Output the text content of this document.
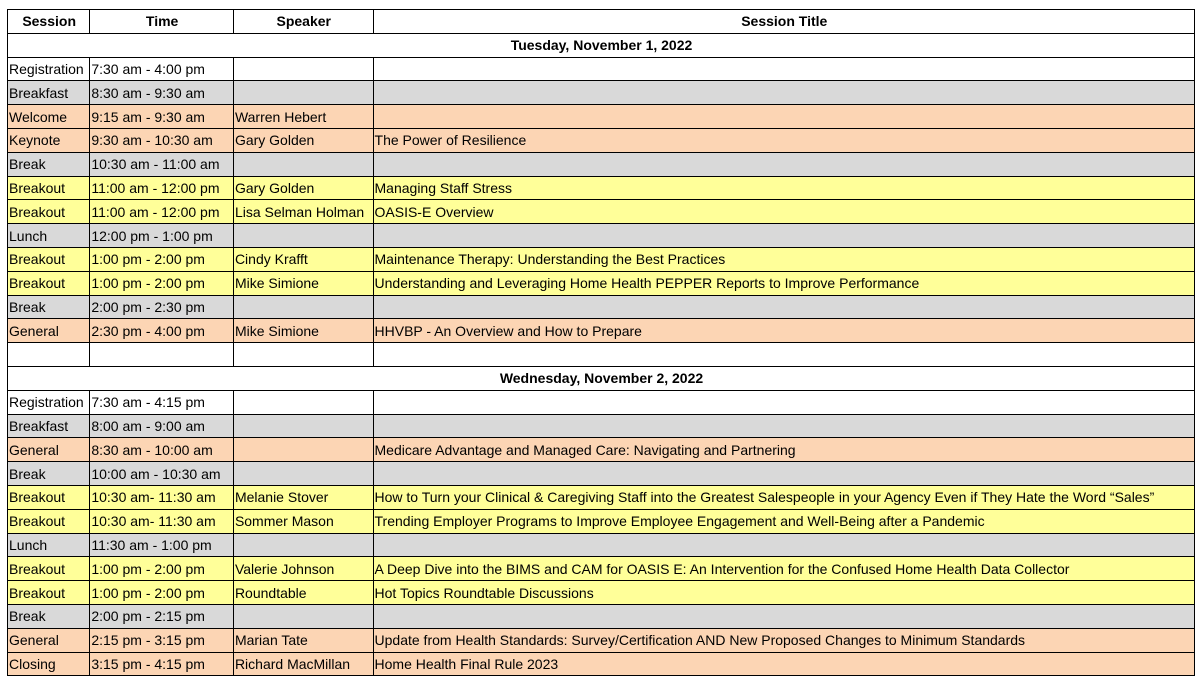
Session	Time	Speaker	Session Title
Tuesday, November 1, 2022			
Registration	7:30 am - 4:00 pm		
Breakfast	8:30 am - 9:30 am		
Welcome	9:15 am - 9:30 am	Warren Hebert	
Keynote	9:30 am - 10:30 am	Gary Golden	The Power of Resilience
Break	10:30 am - 11:00 am		
Breakout	11:00 am - 12:00 pm	Gary Golden	Managing Staff Stress
Breakout	11:00 am - 12:00 pm	Lisa Selman Holman	OASIS-E Overview
Lunch	12:00 pm - 1:00 pm		
Breakout	1:00 pm - 2:00 pm	Cindy Krafft	Maintenance Therapy: Understanding the Best Practices
Breakout	1:00 pm - 2:00 pm	Mike Simione	Understanding and Leveraging Home Health PEPPER Reports to Improve Performance
Break	2:00 pm - 2:30 pm		
General	2:30 pm - 4:00 pm	Mike Simione	HHVBP - An Overview and How to Prepare

Wednesday, November 2, 2022			
Registration	7:30 am - 4:15 pm		
Breakfast	8:00 am - 9:00 am		
General	8:30 am - 10:00 am		Medicare Advantage and Managed Care: Navigating and Partnering
Break	10:00 am - 10:30 am		
Breakout	10:30 am- 11:30 am	Melanie Stover	How to Turn your Clinical & Caregiving Staff into the Greatest Salespeople in your Agency Even if They Hate the Word “Sales”
Breakout	10:30 am- 11:30 am	Sommer Mason	Trending Employer Programs to Improve Employee Engagement and Well-Being after a Pandemic
Lunch	11:30 am - 1:00 pm		
Breakout	1:00 pm - 2:00 pm	Valerie Johnson	A Deep Dive into the BIMS and CAM for OASIS E: An Intervention for the Confused Home Health Data Collector
Breakout	1:00 pm - 2:00 pm	Roundtable	Hot Topics Roundtable Discussions
Break	2:00 pm - 2:15 pm		
General	2:15 pm - 3:15 pm	Marian Tate	Update from Health Standards: Survey/Certification AND New Proposed Changes to Minimum Standards
Closing	3:15 pm - 4:15 pm	Richard MacMillan	Home Health Final Rule 2023
